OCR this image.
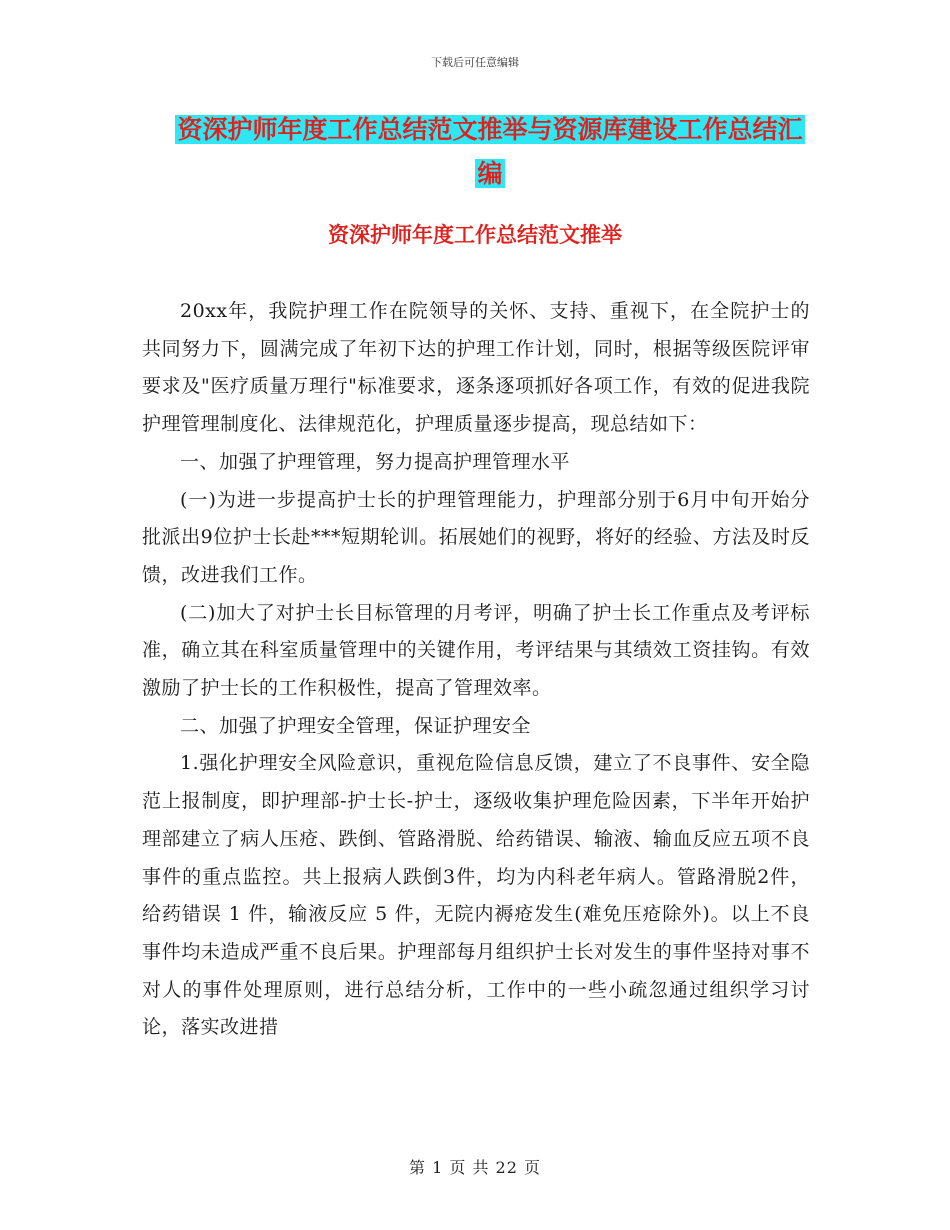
下载后可任意编辑
资深护师年度工作总结范文推举与资源库建设工作总结汇编
资深护师年度工作总结范文推举

20xx年，我院护理工作在院领导的关怀、支持、重视下，在全院护士的共同努力下，圆满完成了年初下达的护理工作计划，同时，根据等级医院评审要求及"医疗质量万理行"标准要求，逐条逐项抓好各项工作，有效的促进我院护理管理制度化、法律规范化，护理质量逐步提高，现总结如下：

一、加强了护理管理，努力提高护理管理水平

(一)为进一步提高护士长的护理管理能力，护理部分别于6月中旬开始分批派出9位护士长赴***短期轮训。拓展她们的视野，将好的经验、方法及时反馈，改进我们工作。

(二)加大了对护士长目标管理的月考评，明确了护士长工作重点及考评标准，确立其在科室质量管理中的关键作用，考评结果与其绩效工资挂钩。有效激励了护士长的工作积极性，提高了管理效率。

二、加强了护理安全管理，保证护理安全

1.强化护理安全风险意识，重视危险信息反馈，建立了不良事件、安全隐范上报制度，即护理部-护士长-护士，逐级收集护理危险因素，下半年开始护理部建立了病人压疮、跌倒、管路滑脱、给药错误、输液、输血反应五项不良事件的重点监控。共上报病人跌倒3件，均为内科老年病人。管路滑脱2件，给药错误 1 件，输液反应 5 件，无院内褥疮发生(难免压疮除外)。以上不良事件均未造成严重不良后果。护理部每月组织护士长对发生的事件坚持对事不对人的事件处理原则，进行总结分析，工作中的一些小疏忽通过组织学习讨论，落实改进措

第 1 页 共 22 页
